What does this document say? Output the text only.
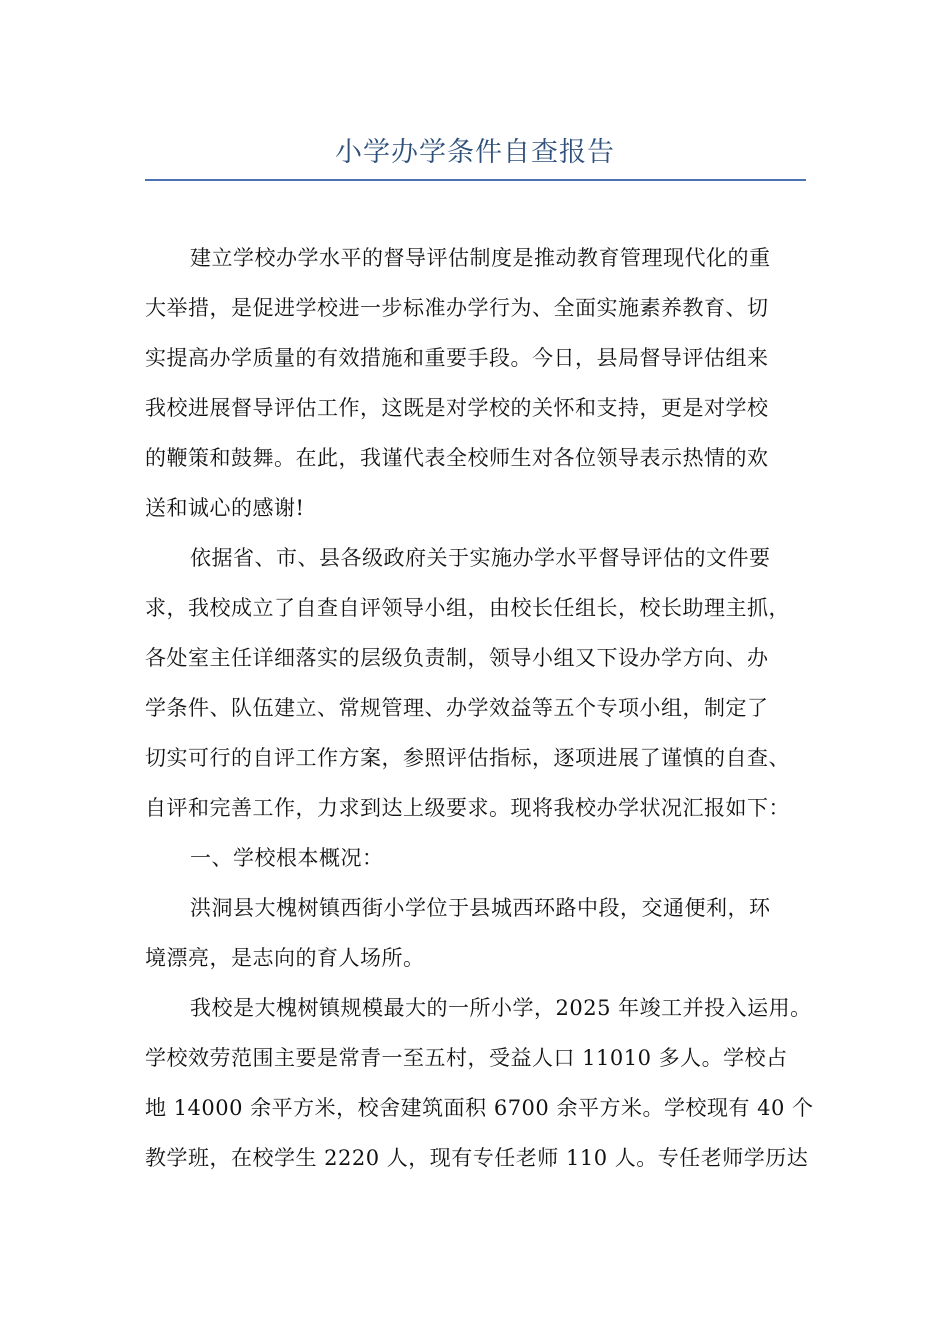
小学办学条件自查报告
建立学校办学水平的督导评估制度是推动教育管理现代化的重
大举措，是促进学校进一步标准办学行为、全面实施素养教育、切
实提高办学质量的有效措施和重要手段。今日，县局督导评估组来
我校进展督导评估工作，这既是对学校的关怀和支持，更是对学校
的鞭策和鼓舞。在此，我谨代表全校师生对各位领导表示热情的欢
送和诚心的感谢!
依据省、市、县各级政府关于实施办学水平督导评估的文件要
求，我校成立了自查自评领导小组，由校长任组长，校长助理主抓，
各处室主任详细落实的层级负责制，领导小组又下设办学方向、办
学条件、队伍建立、常规管理、办学效益等五个专项小组，制定了
切实可行的自评工作方案，参照评估指标，逐项进展了谨慎的自查、
自评和完善工作，力求到达上级要求。现将我校办学状况汇报如下：
一、学校根本概况：
洪洞县大槐树镇西街小学位于县城西环路中段，交通便利，环
境漂亮，是志向的育人场所。
我校是大槐树镇规模最大的一所小学，2025 年竣工并投入运用。
学校效劳范围主要是常青一至五村，受益人口 11010 多人。学校占
地 14000 余平方米，校舍建筑面积 6700 余平方米。学校现有 40 个
教学班，在校学生 2220 人，现有专任老师 110 人。专任老师学历达
